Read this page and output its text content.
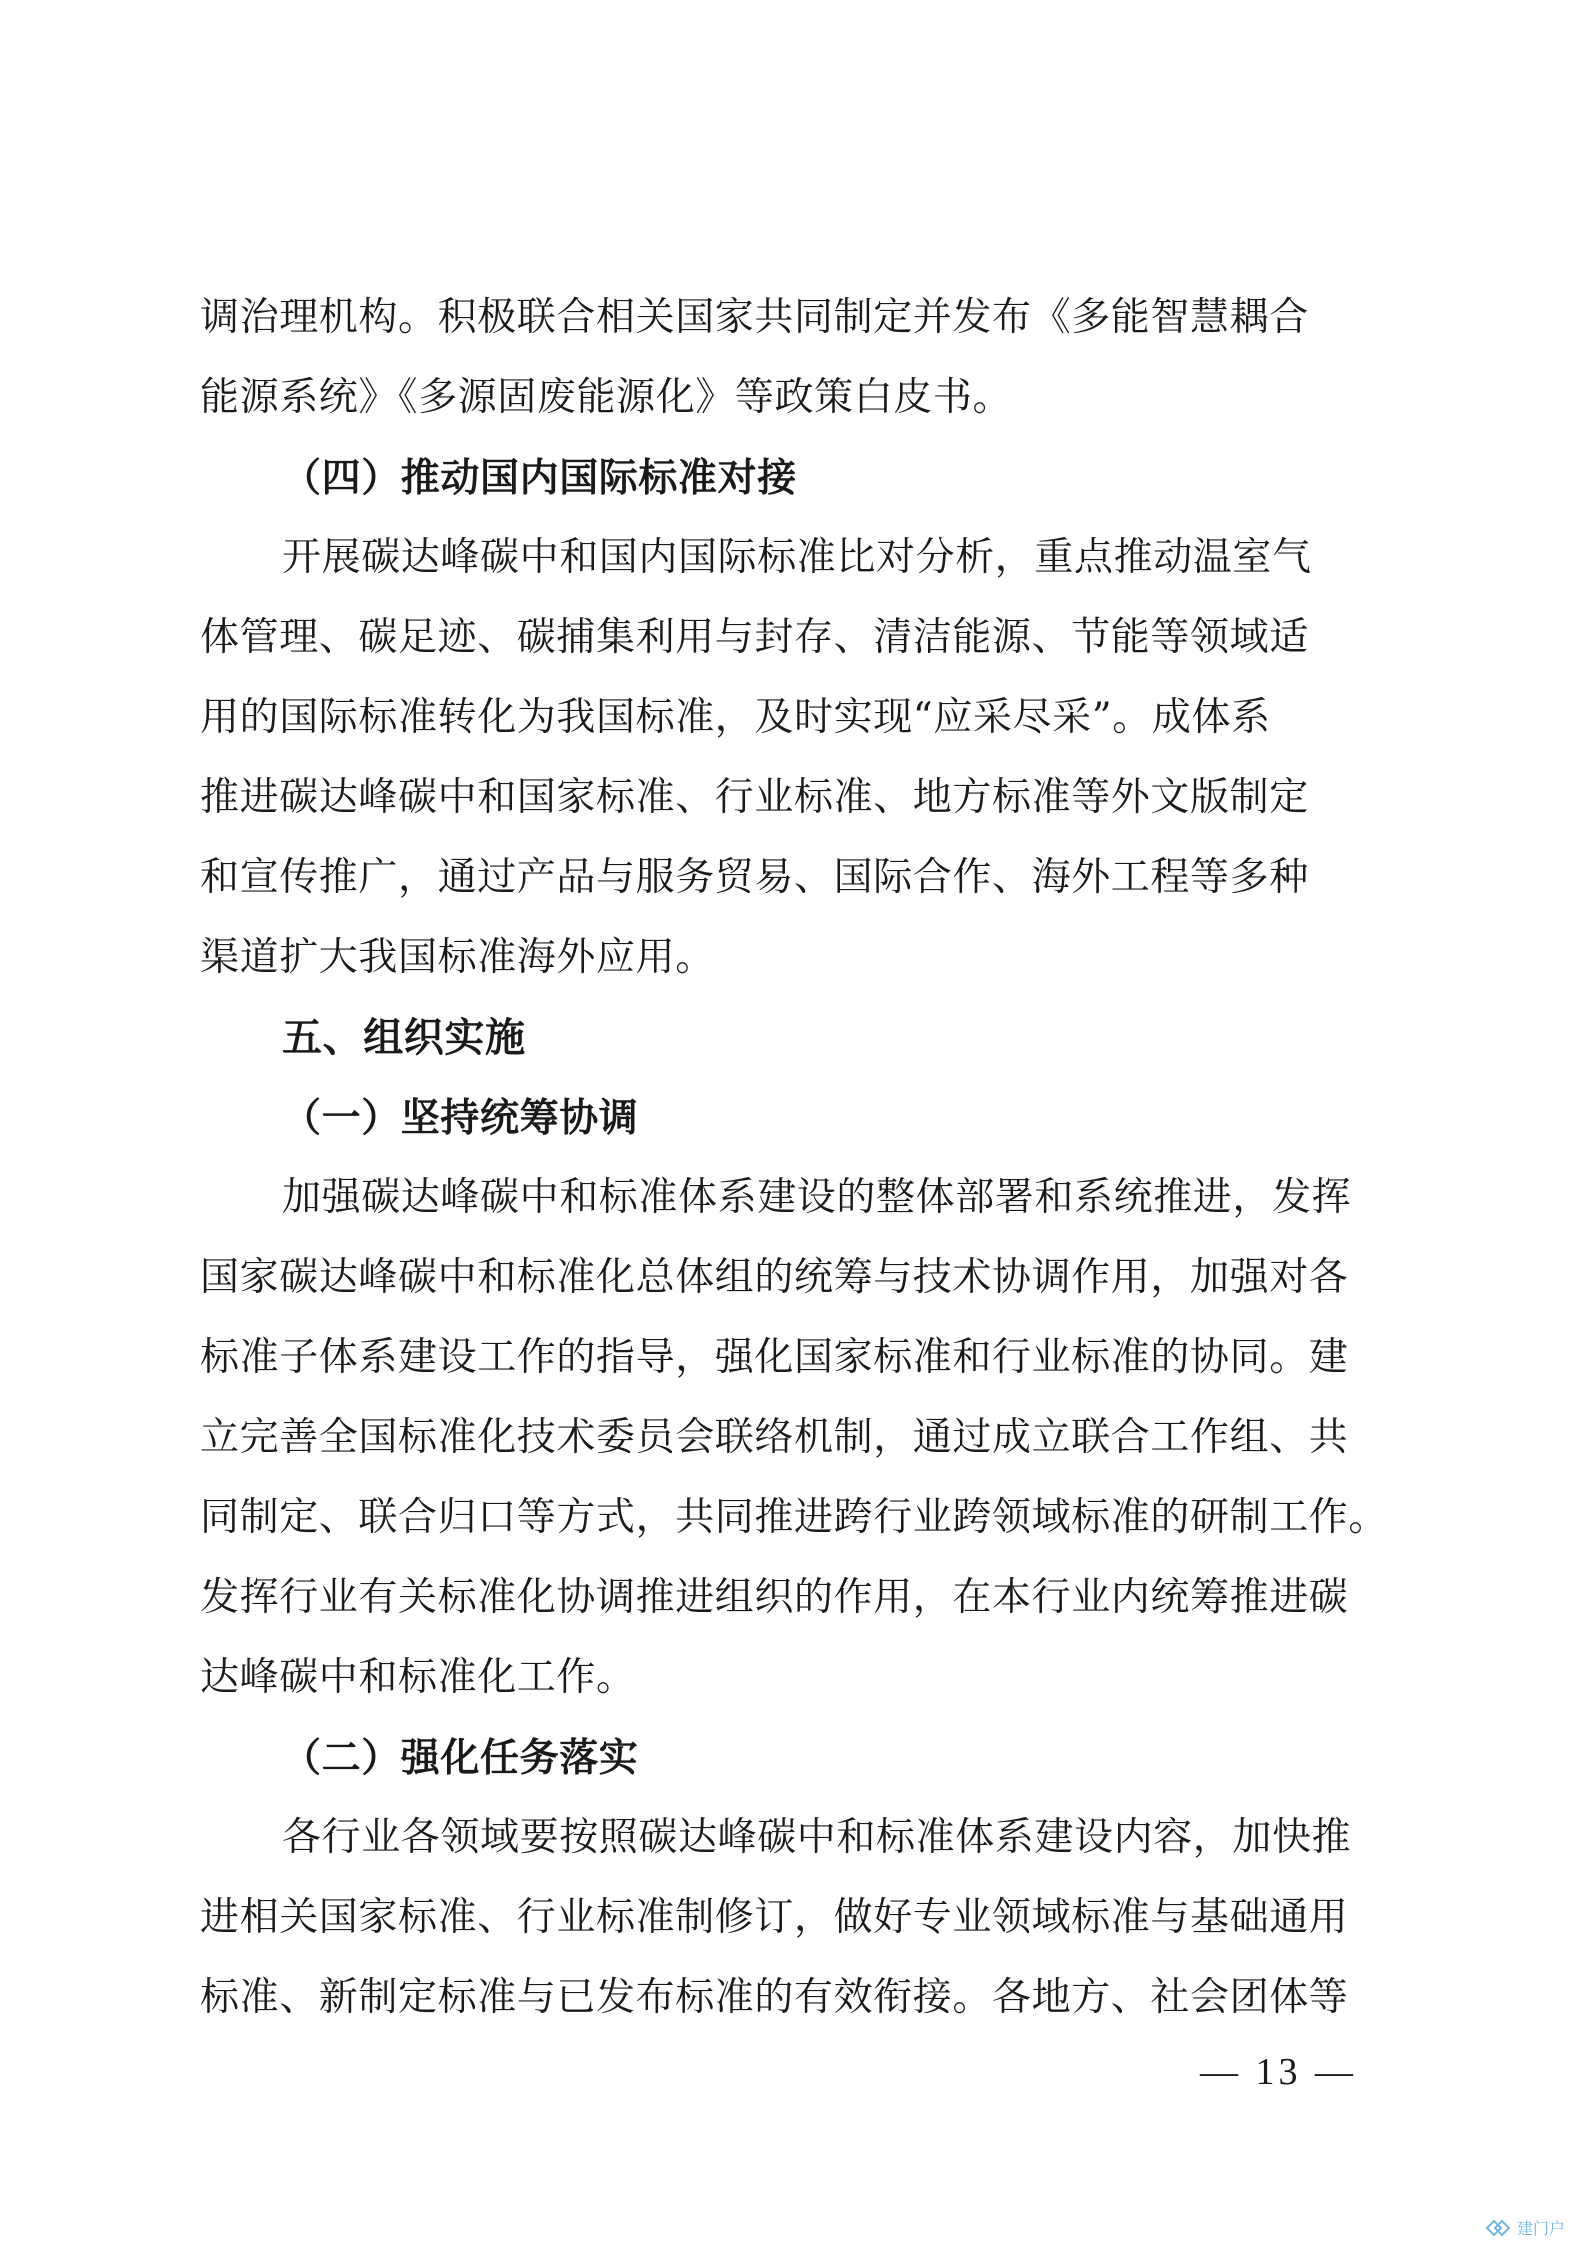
调治理机构。积极联合相关国家共同制定并发布《多能智慧耦合
能源系统》《多源固废能源化》等政策白皮书。
（四）推动国内国际标准对接
开展碳达峰碳中和国内国际标准比对分析，重点推动温室气
体管理、碳足迹、碳捕集利用与封存、清洁能源、节能等领域适
用的国际标准转化为我国标准，及时实现“应采尽采”。成体系
推进碳达峰碳中和国家标准、行业标准、地方标准等外文版制定
和宣传推广，通过产品与服务贸易、国际合作、海外工程等多种
渠道扩大我国标准海外应用。
五、组织实施
（一）坚持统筹协调
加强碳达峰碳中和标准体系建设的整体部署和系统推进，发挥
国家碳达峰碳中和标准化总体组的统筹与技术协调作用，加强对各
标准子体系建设工作的指导，强化国家标准和行业标准的协同。建
立完善全国标准化技术委员会联络机制，通过成立联合工作组、共
同制定、联合归口等方式，共同推进跨行业跨领域标准的研制工作。
发挥行业有关标准化协调推进组织的作用，在本行业内统筹推进碳
达峰碳中和标准化工作。
（二）强化任务落实
各行业各领域要按照碳达峰碳中和标准体系建设内容，加快推
进相关国家标准、行业标准制修订，做好专业领域标准与基础通用
标准、新制定标准与已发布标准的有效衔接。各地方、社会团体等
— 13 —
建门户
